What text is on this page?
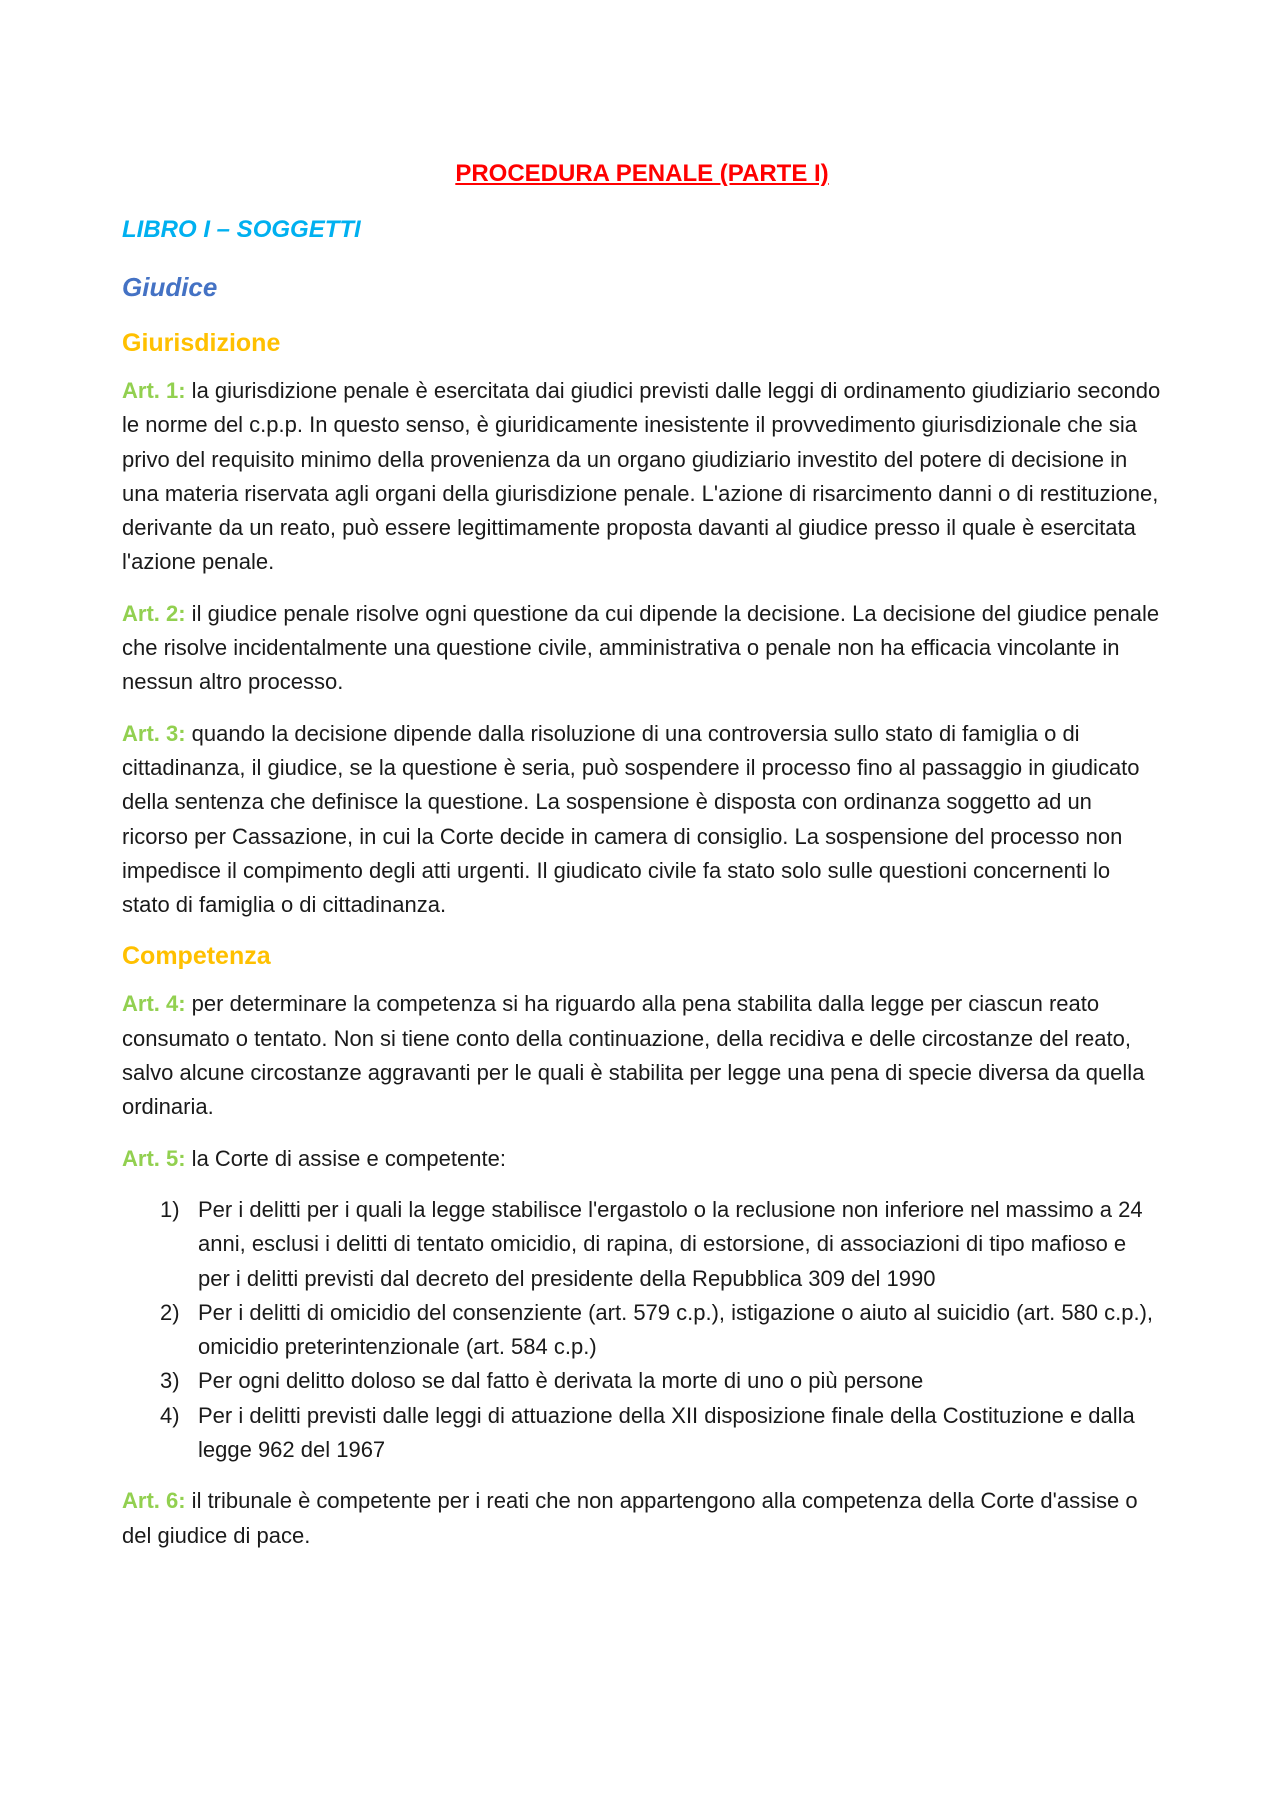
PROCEDURA PENALE (PARTE I)
LIBRO I – SOGGETTI
Giudice
Giurisdizione

Art. 1: la giurisdizione penale è esercitata dai giudici previsti dalle leggi di ordinamento giudiziario secondo le norme del c.p.p. In questo senso, è giuridicamente inesistente il provvedimento giurisdizionale che sia privo del requisito minimo della provenienza da un organo giudiziario investito del potere di decisione in una materia riservata agli organi della giurisdizione penale. L'azione di risarcimento danni o di restituzione, derivante da un reato, può essere legittimamente proposta davanti al giudice presso il quale è esercitata l'azione penale.

Art. 2: il giudice penale risolve ogni questione da cui dipende la decisione. La decisione del giudice penale che risolve incidentalmente una questione civile, amministrativa o penale non ha efficacia vincolante in nessun altro processo.

Art. 3: quando la decisione dipende dalla risoluzione di una controversia sullo stato di famiglia o di cittadinanza, il giudice, se la questione è seria, può sospendere il processo fino al passaggio in giudicato della sentenza che definisce la questione. La sospensione è disposta con ordinanza soggetto ad un ricorso per Cassazione, in cui la Corte decide in camera di consiglio. La sospensione del processo non impedisce il compimento degli atti urgenti. Il giudicato civile fa stato solo sulle questioni concernenti lo stato di famiglia o di cittadinanza.

Competenza

Art. 4: per determinare la competenza si ha riguardo alla pena stabilita dalla legge per ciascun reato consumato o tentato. Non si tiene conto della continuazione, della recidiva e delle circostanze del reato, salvo alcune circostanze aggravanti per le quali è stabilita per legge una pena di specie diversa da quella ordinaria.

Art. 5: la Corte di assise e competente:

1) Per i delitti per i quali la legge stabilisce l'ergastolo o la reclusione non inferiore nel massimo a 24 anni, esclusi i delitti di tentato omicidio, di rapina, di estorsione, di associazioni di tipo mafioso e per i delitti previsti dal decreto del presidente della Repubblica 309 del 1990
2) Per i delitti di omicidio del consenziente (art. 579 c.p.), istigazione o aiuto al suicidio (art. 580 c.p.), omicidio preterintenzionale (art. 584 c.p.)
3) Per ogni delitto doloso se dal fatto è derivata la morte di uno o più persone
4) Per i delitti previsti dalle leggi di attuazione della XII disposizione finale della Costituzione e dalla legge 962 del 1967

Art. 6: il tribunale è competente per i reati che non appartengono alla competenza della Corte d'assise o del giudice di pace.
